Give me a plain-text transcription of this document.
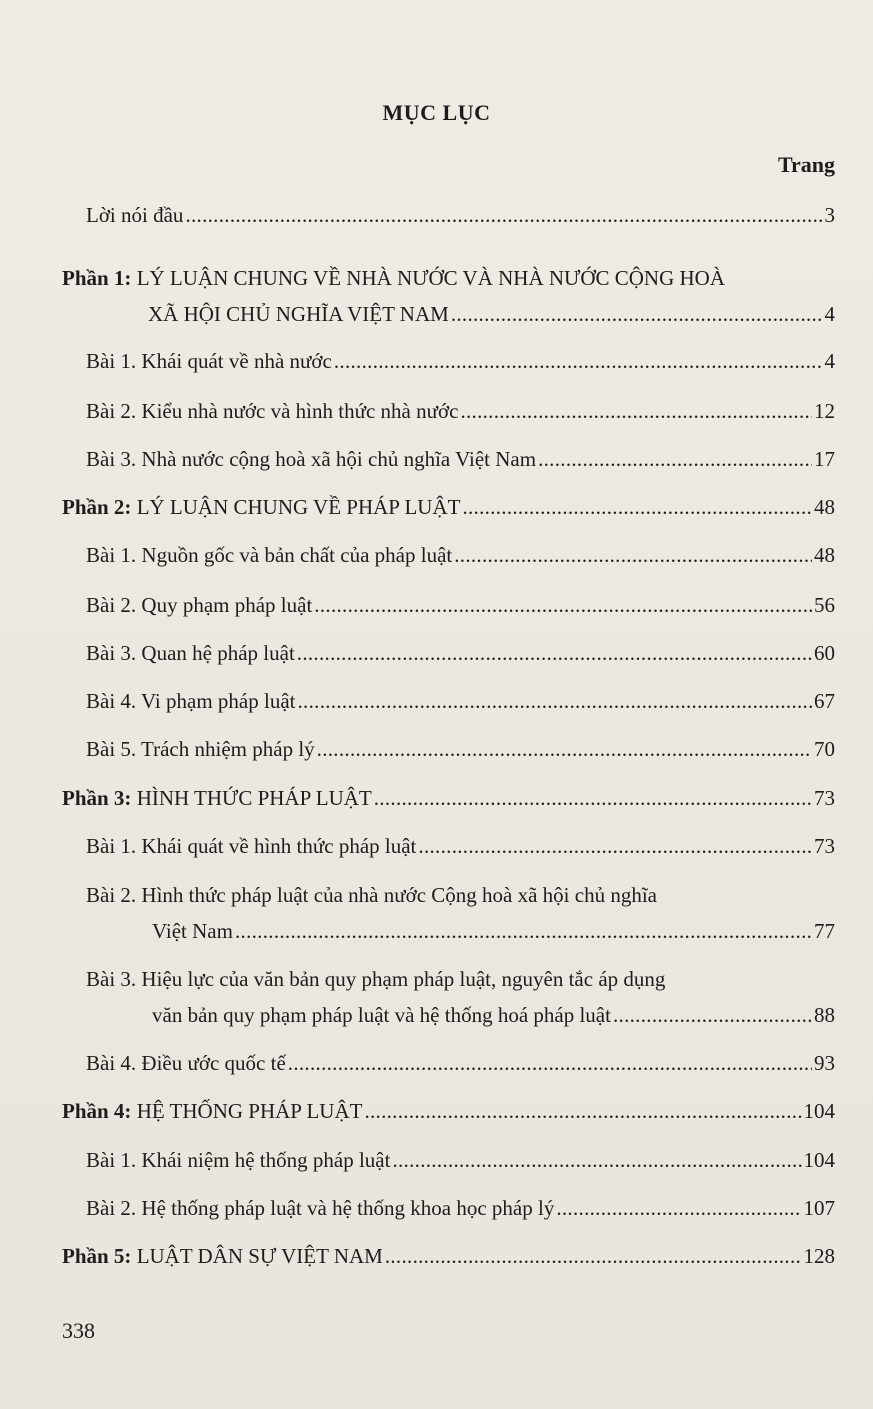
MỤC LỤC
Trang
Lời nói đầu .....	3
Phần 1: LÝ LUẬN CHUNG VỀ NHÀ NƯỚC VÀ NHÀ NƯỚC CỘNG HOÀ
XÃ HỘI CHỦ NGHĨA VIỆT NAM .....	4
Bài 1. Khái quát về nhà nước .....	4
Bài 2. Kiểu nhà nước và hình thức nhà nước .....	12
Bài 3. Nhà nước cộng hoà xã hội chủ nghĩa Việt Nam .....	17
Phần 2: LÝ LUẬN CHUNG VỀ PHÁP LUẬT .....	48
Bài 1. Nguồn gốc và bản chất của pháp luật .....	48
Bài 2. Quy phạm pháp luật .....	56
Bài 3. Quan hệ pháp luật .....	60
Bài 4. Vi phạm pháp luật .....	67
Bài 5. Trách nhiệm pháp lý .....	70
Phần 3: HÌNH THỨC PHÁP LUẬT .....	73
Bài 1. Khái quát về hình thức pháp luật .....	73
Bài 2. Hình thức pháp luật của nhà nước Cộng hoà xã hội chủ nghĩa
Việt Nam .....	77
Bài 3. Hiệu lực của văn bản quy phạm pháp luật, nguyên tắc áp dụng
văn bản quy phạm pháp luật và hệ thống hoá pháp luật .....	88
Bài 4. Điều ước quốc tế .....	93
Phần 4: HỆ THỐNG PHÁP LUẬT .....	104
Bài 1. Khái niệm hệ thống pháp luật .....	104
Bài 2. Hệ thống pháp luật và hệ thống khoa học pháp lý .....	107
Phần 5: LUẬT DÂN SỰ VIỆT NAM .....	128
338
